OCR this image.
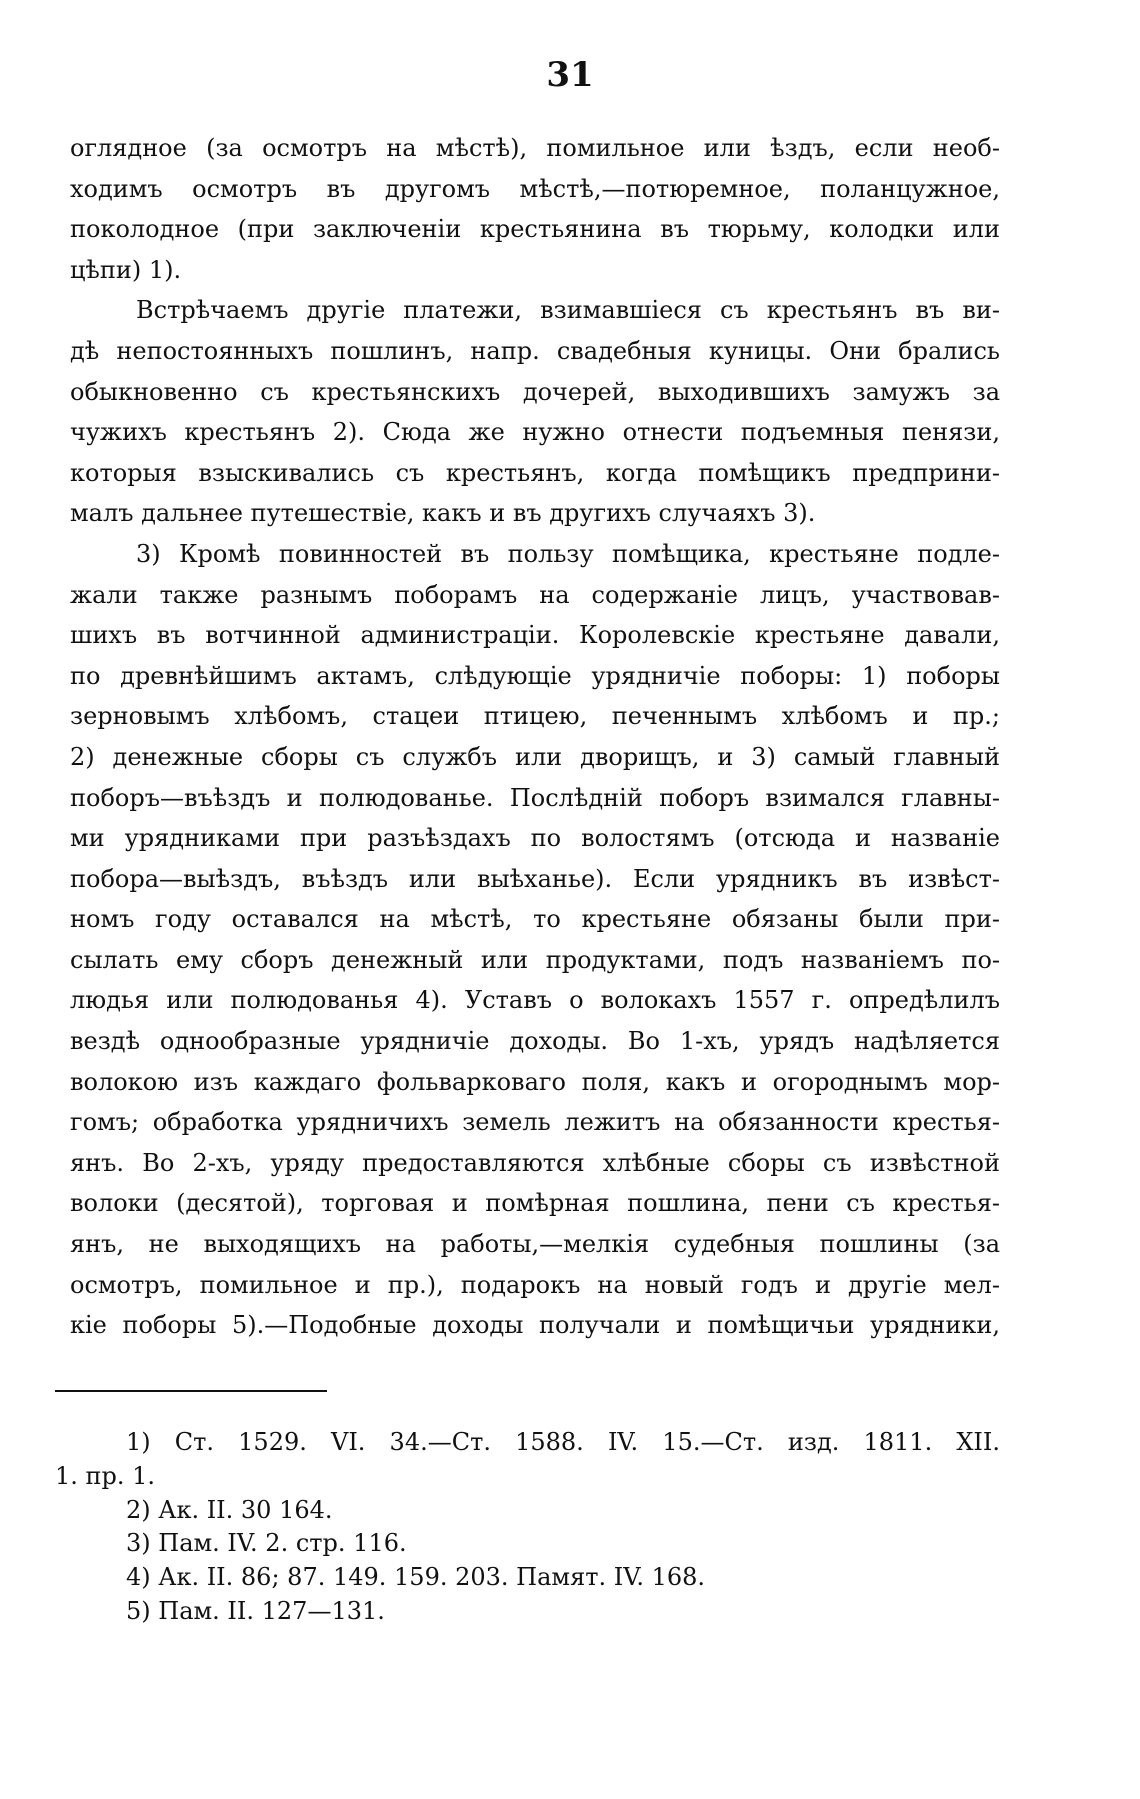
31
оглядное (за осмотръ на мѣстѣ), помильное или ѣздъ, если необ-
ходимъ осмотръ въ другомъ мѣстѣ,—потюремное, поланцужное,
поколодное (при заключеніи крестьянина въ тюрьму, колодки или
цѣпи) 1).
Встрѣчаемъ другіе платежи, взимавшіеся съ крестьянъ въ ви-
дѣ непостоянныхъ пошлинъ, напр. свадебныя куницы. Они брались
обыкновенно съ крестьянскихъ дочерей, выходившихъ замужъ за
чужихъ крестьянъ 2). Сюда же нужно отнести подъемныя пенязи,
которыя взыскивались съ крестьянъ, когда помѣщикъ предприни-
малъ дальнее путешествіе, какъ и въ другихъ случаяхъ 3).
3) Кромѣ повинностей въ пользу помѣщика, крестьяне подле-
жали также разнымъ поборамъ на содержаніе лицъ, участвовав-
шихъ въ вотчинной администраціи. Королевскіе крестьяне давали,
по древнѣйшимъ актамъ, слѣдующіе урядничіе поборы: 1) поборы
зерновымъ хлѣбомъ, стацеи птицею, печеннымъ хлѣбомъ и пр.;
2) денежные сборы съ службъ или дворищъ, и 3) самый главный
поборъ—въѣздъ и полюдованье. Послѣдній поборъ взимался главны-
ми урядниками при разъѣздахъ по волостямъ (отсюда и названіе
побора—выѣздъ, въѣздъ или выѣханье). Если урядникъ въ извѣст-
номъ году оставался на мѣстѣ, то крестьяне обязаны были при-
сылать ему сборъ денежный или продуктами, подъ названіемъ по-
людья или полюдованья 4). Уставъ о волокахъ 1557 г. опредѣлилъ
вездѣ однообразные урядничіе доходы. Во 1-хъ, урядъ надѣляется
волокою изъ каждаго фольварковаго поля, какъ и огороднымъ мор-
гомъ; обработка урядничихъ земель лежитъ на обязанности крестья-
янъ. Во 2-хъ, уряду предоставляются хлѣбные сборы съ извѣстной
волоки (десятой), торговая и помѣрная пошлина, пени съ крестья-
янъ, не выходящихъ на работы,—мелкія судебныя пошлины (за
осмотръ, помильное и пр.), подарокъ на новый годъ и другіе мел-
кіе поборы 5).—Подобные доходы получали и помѣщичьи урядники,
1) Ст. 1529. VI. 34.—Ст. 1588. IV. 15.—Ст. изд. 1811. XII.
1. пр. 1.
2) Ак. II. 30 164.
3) Пам. IV. 2. стр. 116.
4) Ак. II. 86; 87. 149. 159. 203. Памят. IV. 168.
5) Пам. II. 127—131.
